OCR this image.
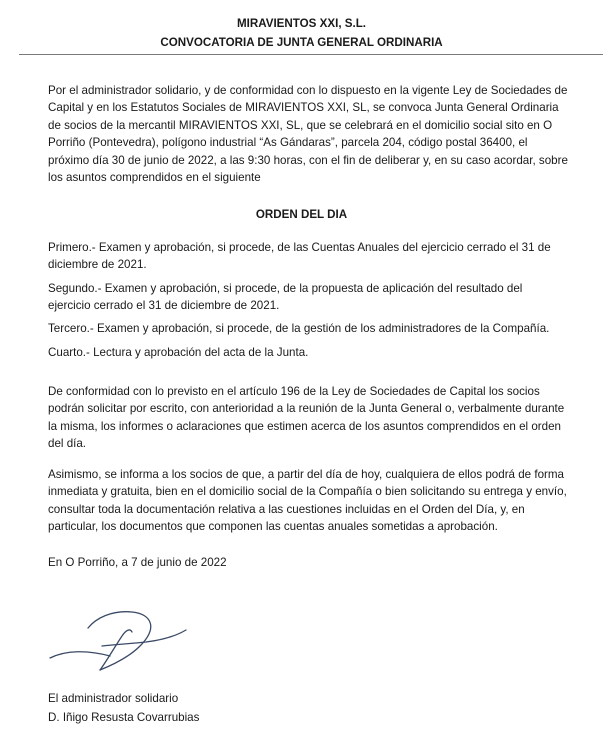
MIRAVIENTOS XXI, S.L.
CONVOCATORIA DE JUNTA GENERAL ORDINARIA

Por el administrador solidario, y de conformidad con lo dispuesto en la vigente Ley de Sociedades de Capital y en los Estatutos Sociales de MIRAVIENTOS XXI, SL, se convoca Junta General Ordinaria de socios de la mercantil MIRAVIENTOS XXI, SL, que se celebrará en el domicilio social sito en O Porriño (Pontevedra), polígono industrial “As Gándaras”, parcela 204, código postal 36400, el próximo día 30 de junio de 2022, a las 9:30 horas, con el fin de deliberar y, en su caso acordar, sobre los asuntos comprendidos en el siguiente

ORDEN DEL DIA

Primero.- Examen y aprobación, si procede, de las Cuentas Anuales del ejercicio cerrado el 31 de diciembre de 2021.

Segundo.- Examen y aprobación, si procede, de la propuesta de aplicación del resultado del ejercicio cerrado el 31 de diciembre de 2021.

Tercero.- Examen y aprobación, si procede, de la gestión de los administradores de la Compañía.

Cuarto.- Lectura y aprobación del acta de la Junta.

De conformidad con lo previsto en el artículo 196 de la Ley de Sociedades de Capital los socios podrán solicitar por escrito, con anterioridad a la reunión de la Junta General o, verbalmente durante la misma, los informes o aclaraciones que estimen acerca de los asuntos comprendidos en el orden del día.

Asimismo, se informa a los socios de que, a partir del día de hoy, cualquiera de ellos podrá de forma inmediata y gratuita, bien en el domicilio social de la Compañía o bien solicitando su entrega y envío, consultar toda la documentación relativa a las cuestiones incluidas en el Orden del Día, y, en particular, los documentos que componen las cuentas anuales sometidas a aprobación.

En O Porriño, a 7 de junio de 2022

El administrador solidario
D. Iñigo Resusta Covarrubias
